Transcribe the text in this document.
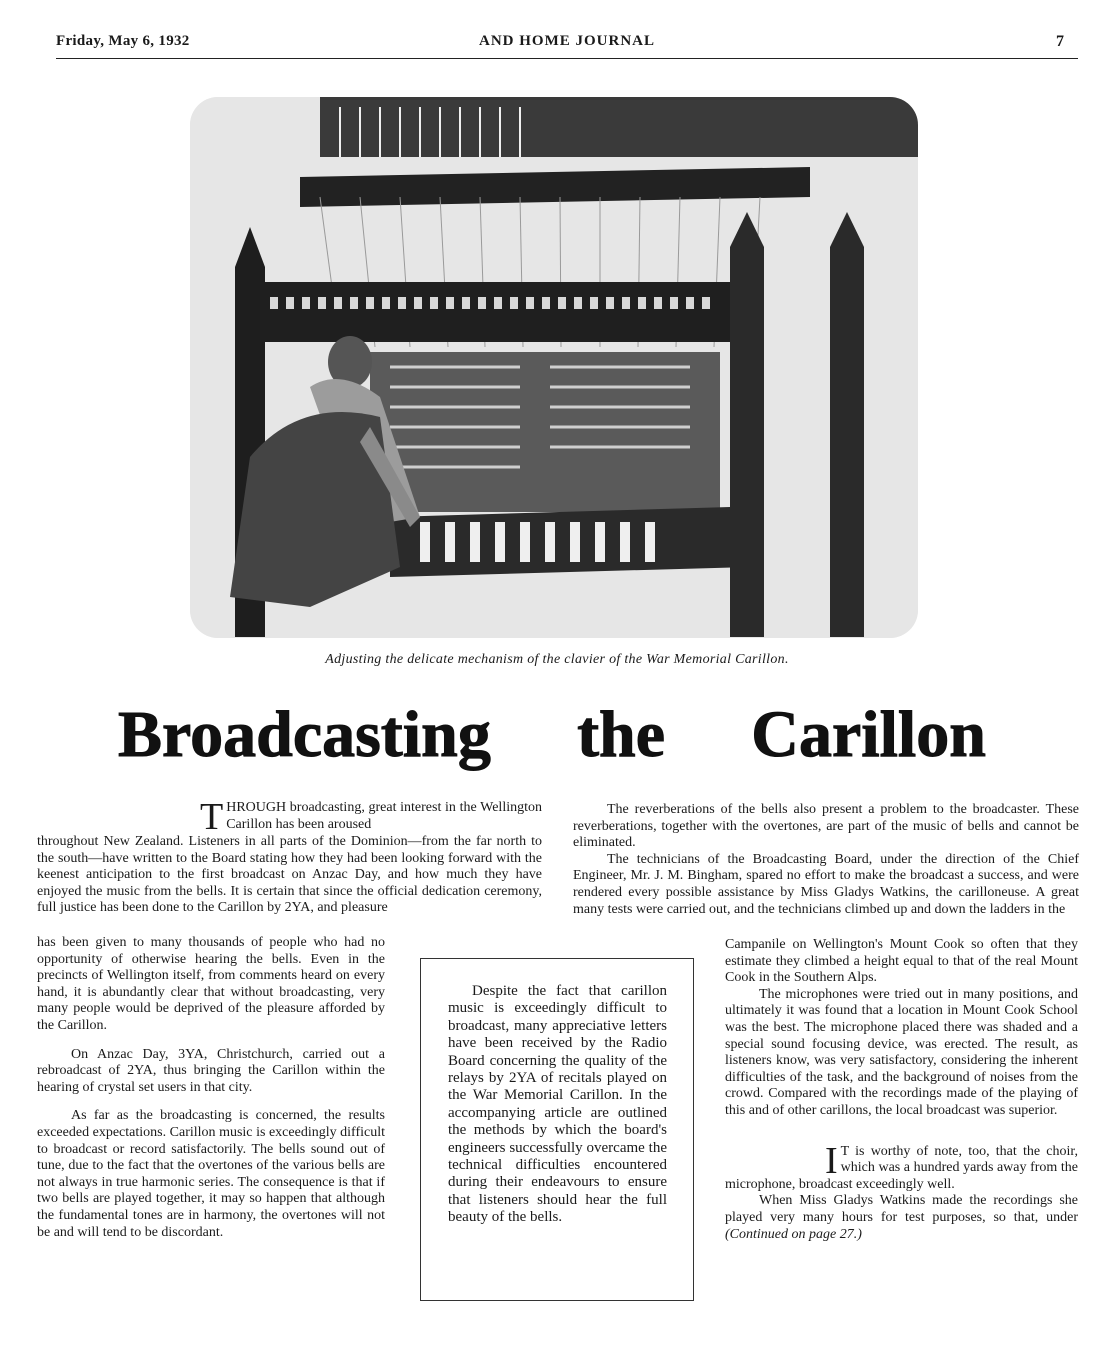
Friday, May 6, 1932	AND HOME JOURNAL	7
Adjusting the delicate mechanism of the clavier of the War Memorial Carillon.
Broadcasting the Carillon

THROUGH broadcasting, great interest in the Wellington Carillon has been aroused

throughout New Zealand. Listeners in all parts of the Dominion—from the far north to the south—have written to the Board stating how they had been looking forward with the keenest anticipation to the first broadcast on Anzac Day, and how much they have enjoyed the music from the bells. It is certain that since the official dedication ceremony, full justice has been done to the Carillon by 2YA, and pleasure

has been given to many thousands of people who had no opportunity of otherwise hearing the bells. Even in the precincts of Wellington itself, from comments heard on every hand, it is abundantly clear that without broadcasting, very many people would be deprived of the pleasure afforded by the Carillon.

On Anzac Day, 3YA, Christchurch, carried out a rebroadcast of 2YA, thus bringing the Carillon within the hearing of crystal set users in that city.

As far as the broadcasting is concerned, the results exceeded expectations. Carillon music is exceedingly difficult to broadcast or record satisfactorily. The bells sound out of tune, due to the fact that the overtones of the various bells are not always in true harmonic series. The consequence is that if two bells are played together, it may so happen that although the fundamental tones are in harmony, the overtones will not be and will tend to be discordant.

Despite the fact that carillon music is exceedingly difficult to broadcast, many appreciative letters have been received by the Radio Board concerning the quality of the relays by 2YA of recitals played on the War Memorial Carillon. In the accompanying article are outlined the methods by which the board's engineers successfully overcame the technical difficulties encountered during their endeavours to ensure that listeners should hear the full beauty of the bells.

The reverberations of the bells also present a problem to the broadcaster. These reverberations, together with the overtones, are part of the music of bells and cannot be eliminated.

The technicians of the Broadcasting Board, under the direction of the Chief Engineer, Mr. J. M. Bingham, spared no effort to make the broadcast a success, and were rendered every possible assistance by Miss Gladys Watkins, the carilloneuse. A great many tests were carried out, and the technicians climbed up and down the ladders in the

Campanile on Wellington's Mount Cook so often that they estimate they climbed a height equal to that of the real Mount Cook in the Southern Alps.

The microphones were tried out in many positions, and ultimately it was found that a location in Mount Cook School was the best. The microphone placed there was shaded and a special sound focusing device, was erected. The result, as listeners know, was very satisfactory, considering the inherent difficulties of the task, and the background of noises from the crowd. Compared with the recordings made of the playing of this and of other carillons, the local broadcast was superior.

I T is worthy of note, too, that the choir, which was a hundred yards away from the microphone, broadcast exceedingly well.

When Miss Gladys Watkins made the recordings she played very many hours for test purposes, so that, under (Continued on page 27.)
